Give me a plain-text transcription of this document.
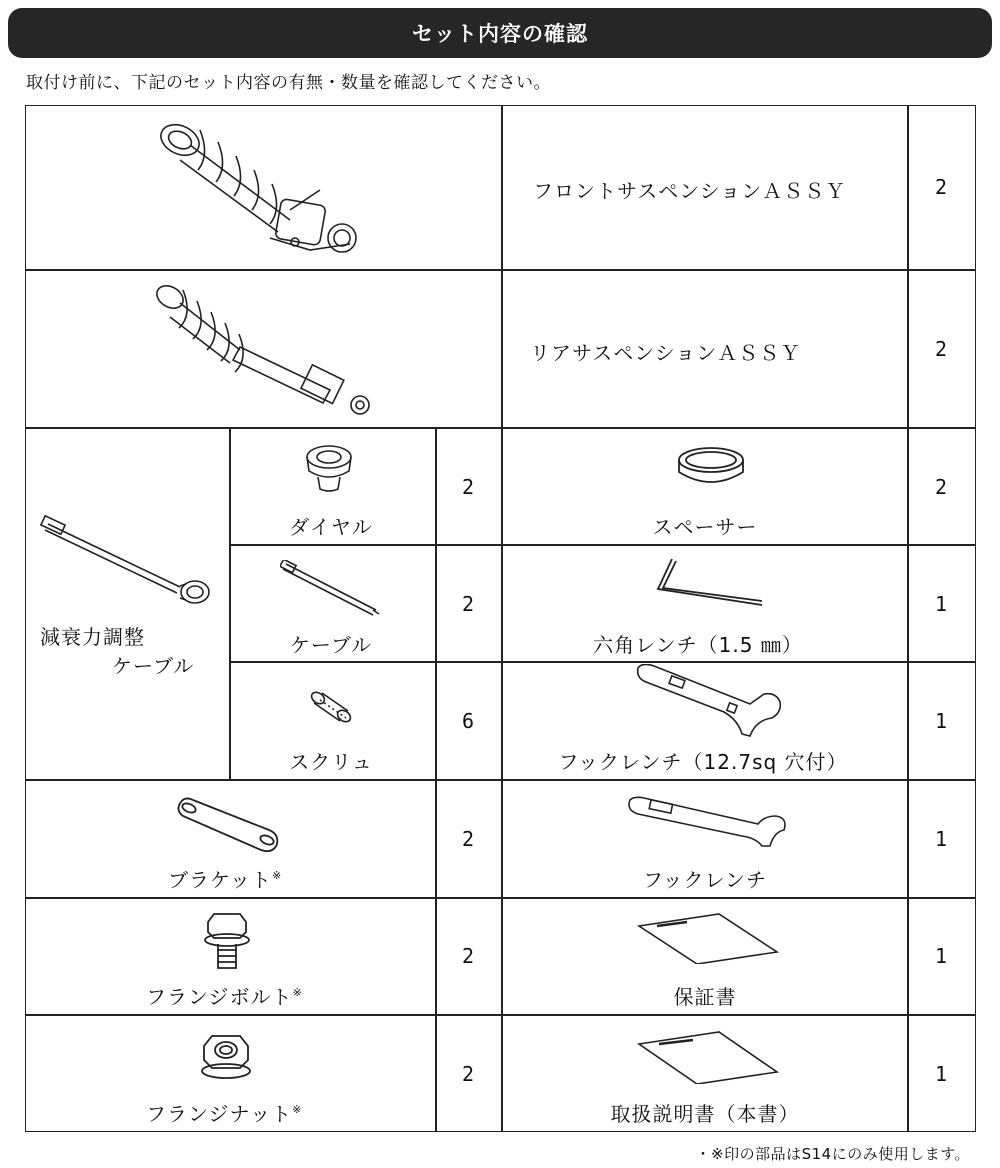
セット内容の確認
取付け前に、下記のセット内容の有無・数量を確認してください。
フロントサスペンションＡＳＳＹ	2
リアサスペンションＡＳＳＹ	2
減衰力調整
ケーブル
ダイヤル
2
スペーサー
2
ケーブル
2
六角レンチ（1.5 ㎜）
1
スクリュ
6
フックレンチ（12.7sq 穴付）
1
ブラケット※
2
フックレンチ
1
フランジボルト※
2
保証書
1
フランジナット※
2
取扱説明書（本書）
1
・※印の部品はS14にのみ使用します。
